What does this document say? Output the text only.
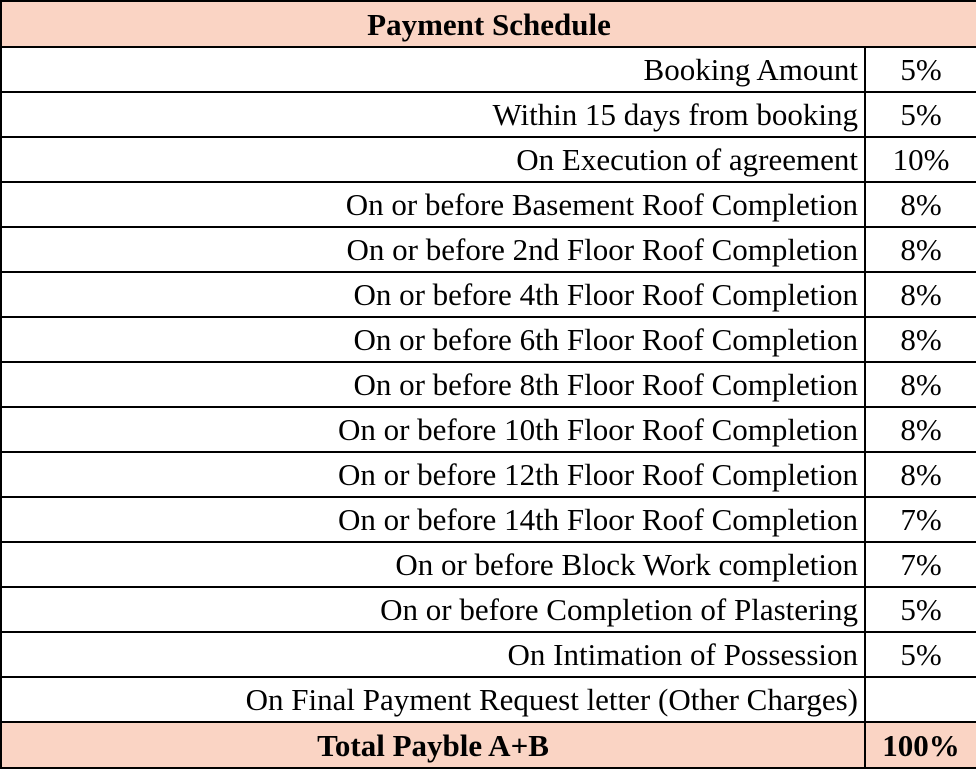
Payment Schedule	
Booking Amount	5%
Within 15 days from booking	5%
On Execution of agreement	10%
On or before Basement Roof Completion	8%
On or before 2nd Floor Roof Completion	8%
On or before 4th Floor Roof Completion	8%
On or before 6th Floor Roof Completion	8%
On or before 8th Floor Roof Completion	8%
On or before 10th Floor Roof Completion	8%
On or before 12th Floor Roof Completion	8%
On or before 14th Floor Roof Completion	7%
On or before Block Work completion	7%
On or before Completion of Plastering	5%
On Intimation of Possession	5%
On Final Payment Request letter (Other Charges)	
Total Payble A+B	100%
